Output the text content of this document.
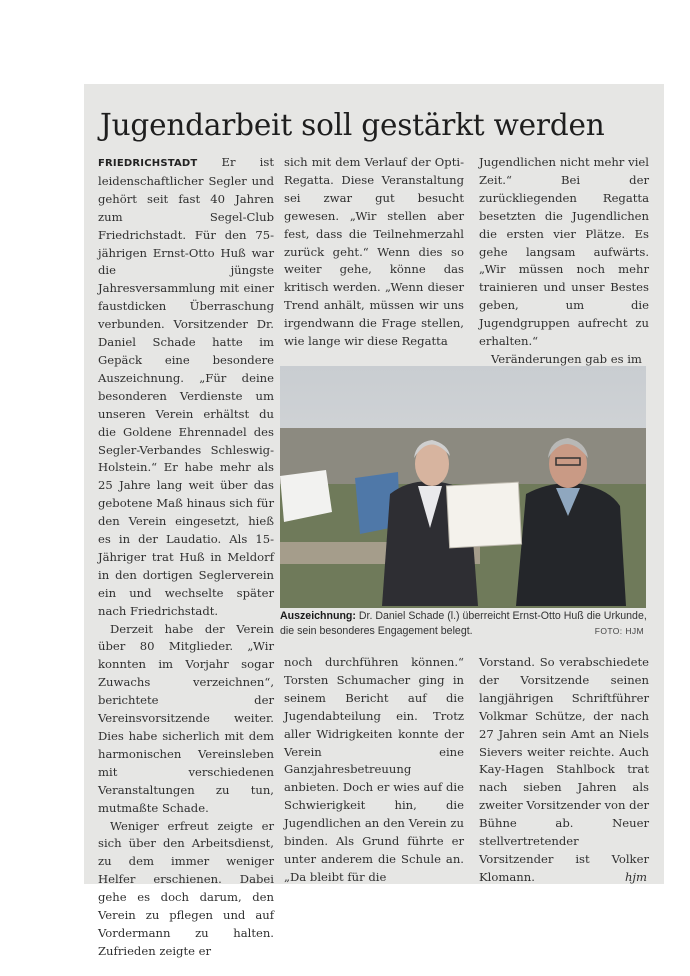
Jugendarbeit soll gestärkt werden

FRIEDRICHSTADT Er ist leidenschaftlicher Segler und gehört seit fast 40 Jahren zum Segel-Club Friedrichstadt. Für den 75-jährigen Ernst-Otto Huß war die jüngste Jahresversammlung mit einer faustdicken Überraschung verbunden. Vorsitzender Dr. Daniel Schade hatte im Gepäck eine besondere Auszeichnung. „Für deine besonderen Verdienste um unseren Verein erhältst du die Goldene Ehrennadel des Segler-Verbandes Schleswig-Holstein.“ Er habe mehr als 25 Jahre lang weit über das gebotene Maß hinaus sich für den Verein eingesetzt, hieß es in der Laudatio. Als 15-Jähriger trat Huß in Meldorf in den dortigen Seglerverein ein und wechselte später nach Friedrichstadt.

Derzeit habe der Verein über 80 Mitglieder. „Wir konnten im Vorjahr sogar Zuwachs verzeichnen“, berichtete der Vereinsvorsitzende weiter. Dies habe sicherlich mit dem harmonischen Vereinsleben mit verschiedenen Veranstaltungen zu tun, mutmaßte Schade.

Weniger erfreut zeigte er sich über den Arbeitsdienst, zu dem immer weniger Helfer erschienen. Dabei gehe es doch darum, den Verein zu pflegen und auf Vordermann zu halten. Zufrieden zeigte er

sich mit dem Verlauf der Opti-Regatta. Diese Veranstaltung sei zwar gut besucht gewesen. „Wir stellen aber fest, dass die Teilnehmerzahl zurück geht.“ Wenn dies so weiter gehe, könne das kritisch werden. „Wenn dieser Trend anhält, müssen wir uns irgendwann die Frage stellen, wie lange wir diese Regatta

Jugendlichen nicht mehr viel Zeit.“ Bei der zurückliegenden Regatta besetzten die Jugendlichen die ersten vier Plätze. Es gehe langsam aufwärts. „Wir müssen noch mehr trainieren und unser Bestes geben, um die Jugendgruppen aufrecht zu erhalten.“

Veränderungen gab es im

Auszeichnung: Dr. Daniel Schade (l.) überreicht Ernst-Otto Huß die Urkunde, die sein besonderes Engagement belegt.	FOTO: HJM

noch durchführen können.“ Torsten Schumacher ging in seinem Bericht auf die Jugendabteilung ein. Trotz aller Widrigkeiten konnte der Verein eine Ganzjahresbetreuung anbieten. Doch er wies auf die Schwierigkeit hin, die Jugendlichen an den Verein zu binden. Als Grund führte er unter anderem die Schule an. „Da bleibt für die

Vorstand. So verabschiedete der Vorsitzende seinen langjährigen Schriftführer Volkmar Schütze, der nach 27 Jahren sein Amt an Niels Sievers weiter reichte. Auch Kay-Hagen Stahlbock trat nach sieben Jahren als zweiter Vorsitzender von der Bühne ab. Neuer stellvertretender Vorsitzender ist Volker Klomann.	hjm
